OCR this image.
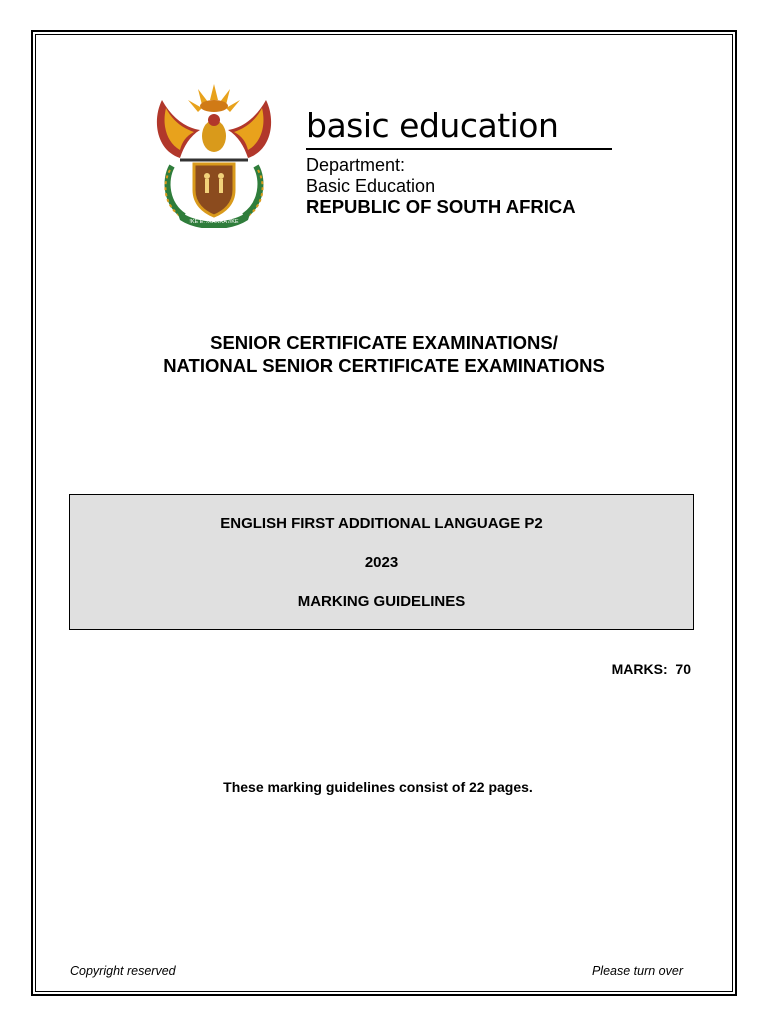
!KE E: /XARRA //KE
basic education
Department:
Basic Education
REPUBLIC OF SOUTH AFRICA
SENIOR CERTIFICATE EXAMINATIONS/
NATIONAL SENIOR CERTIFICATE EXAMINATIONS
ENGLISH FIRST ADDITIONAL LANGUAGE P2
2023
MARKING GUIDELINES
MARKS:  70
These marking guidelines consist of 22 pages.
Copyright reserved	Please turn over
